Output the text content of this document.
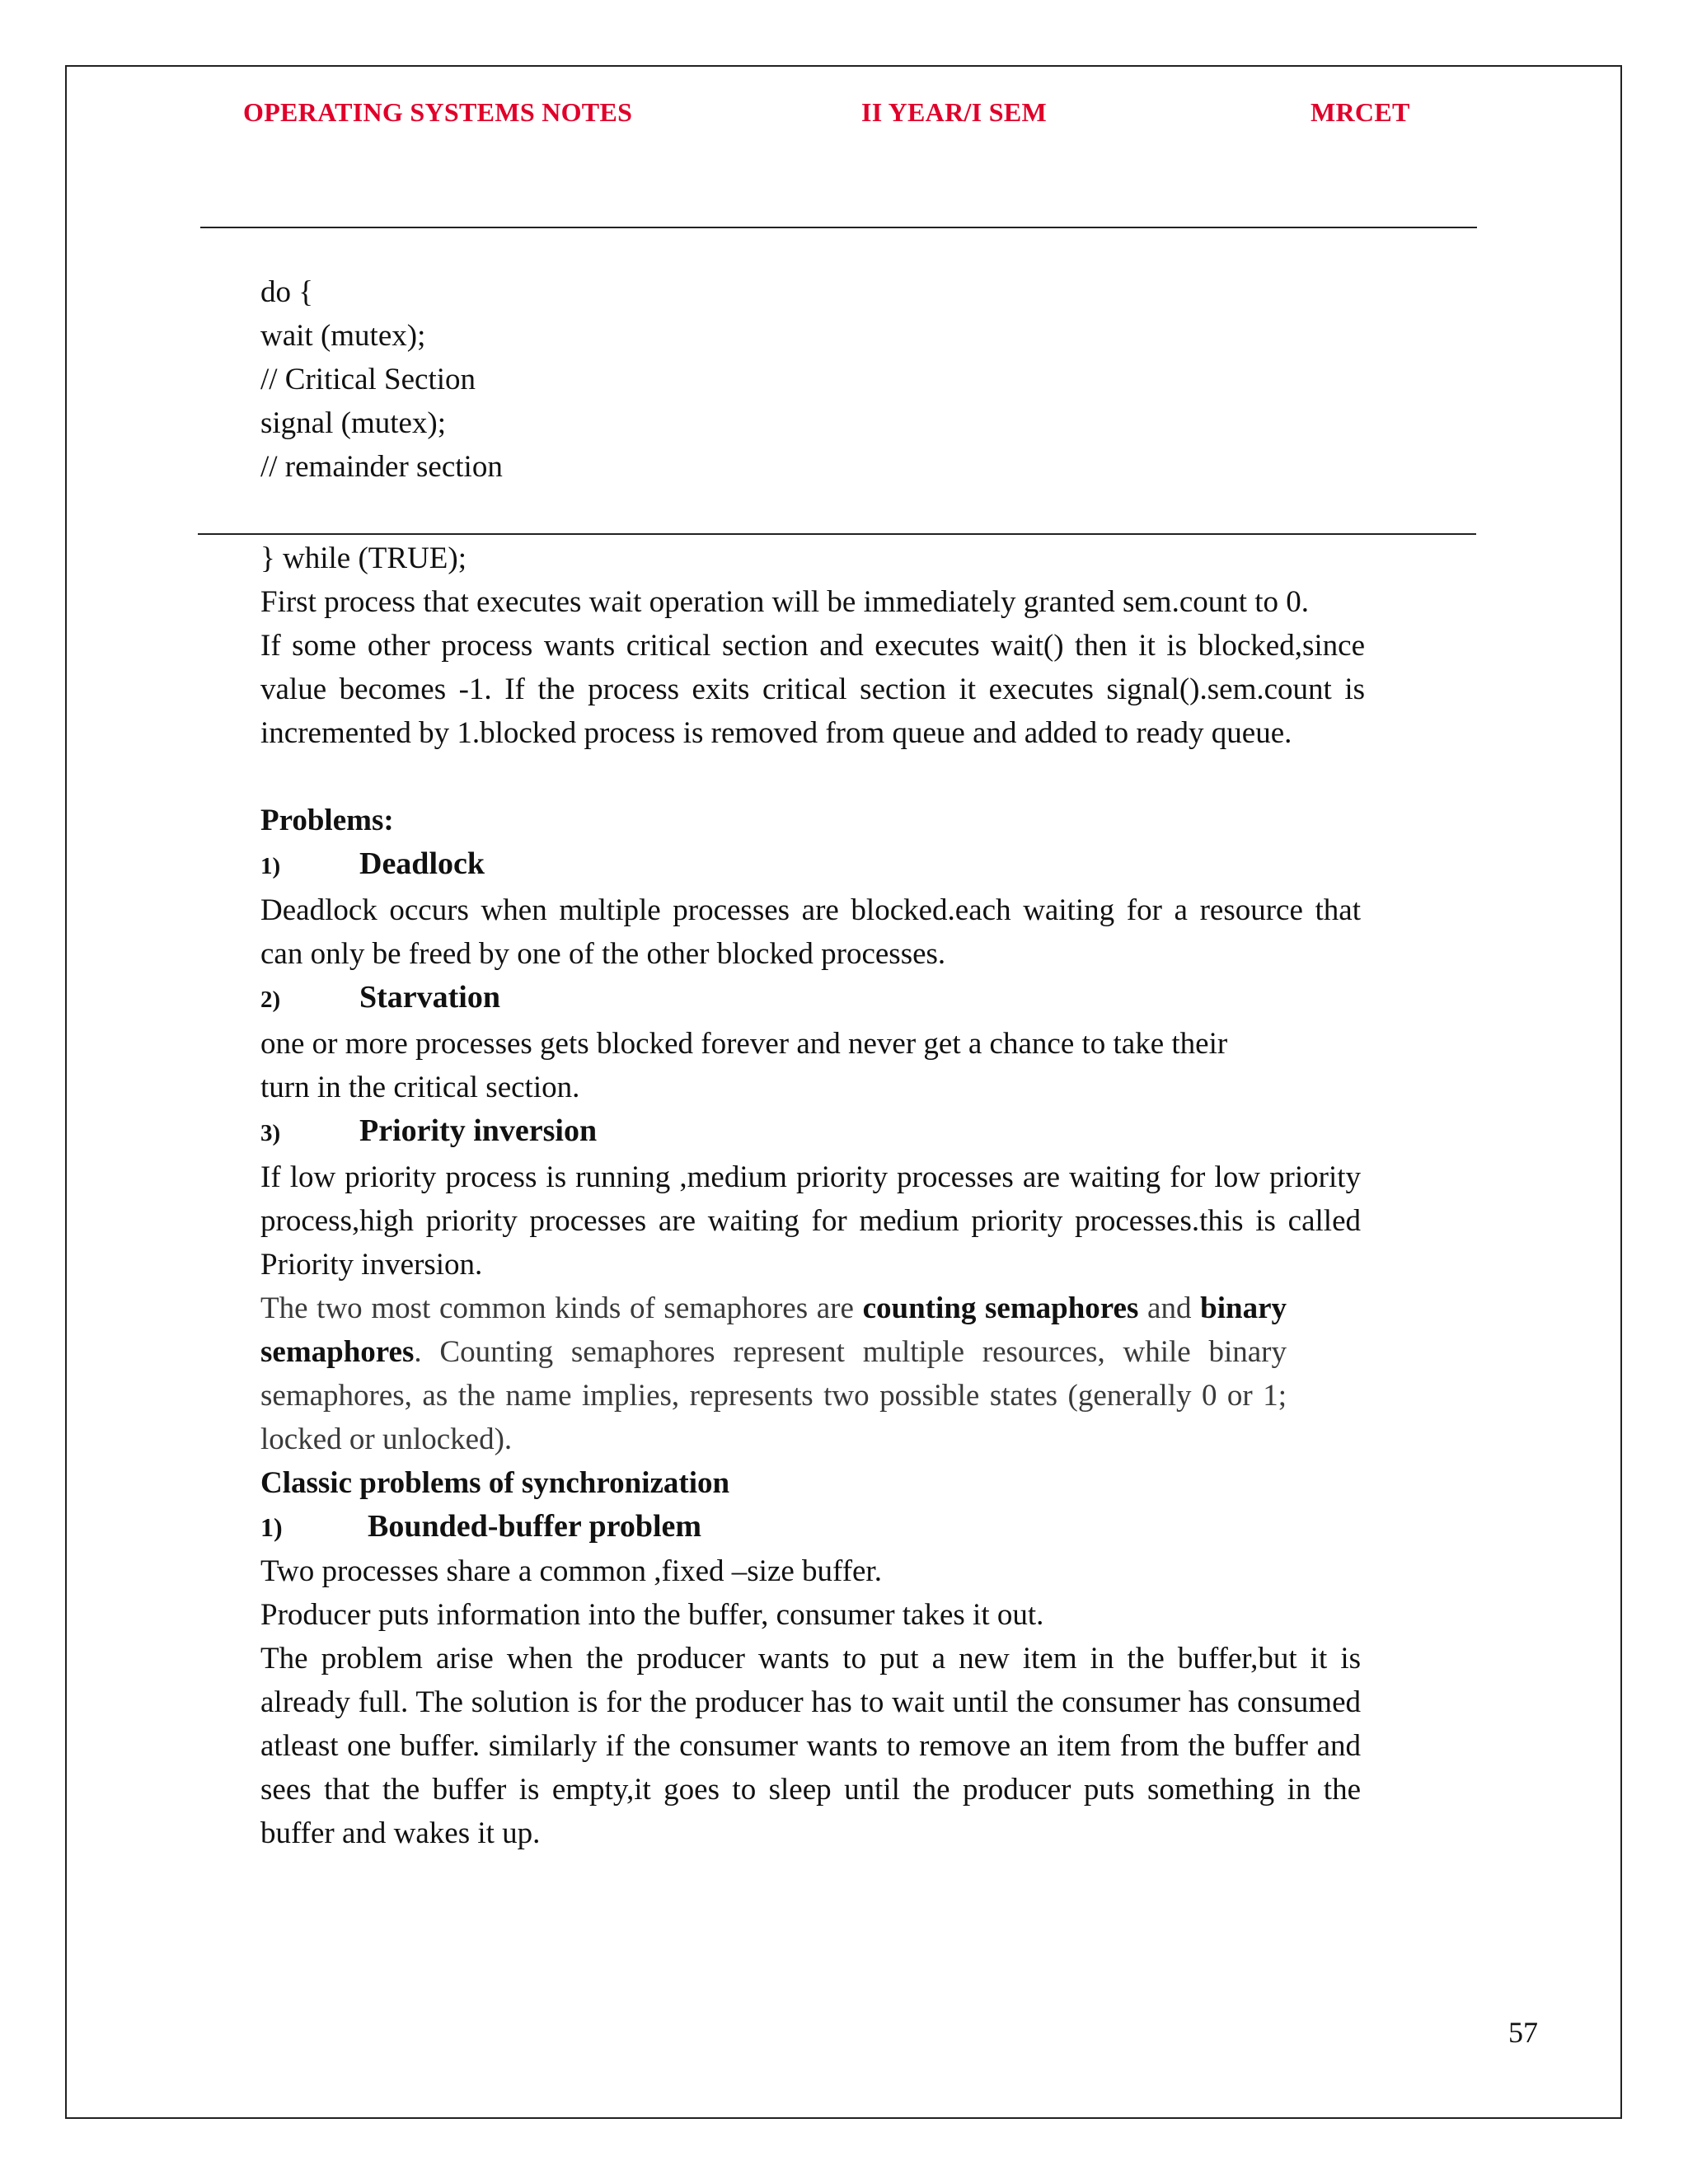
OPERATING SYSTEMS NOTES	II YEAR/I SEM	MRCET

do {

wait (mutex);

// Critical Section

signal (mutex);

// remainder section

} while (TRUE);

First process that executes wait operation will be immediately granted sem.count to 0.

If some other process wants critical section and executes wait() then it is blocked,since value becomes -1. If the process exits critical section it executes signal().sem.count is incremented by 1.blocked process is removed from queue and added to ready queue.

Problems:

1)	Deadlock

Deadlock occurs when multiple processes are blocked.each waiting for a resource that can only be freed by one of the other blocked processes.

2)	Starvation

one or more processes gets blocked forever and never get a chance to take their

turn in the critical section.

3)	Priority inversion

If low priority process is running ,medium priority processes are waiting for low priority process,high priority processes are waiting for medium priority processes.this is called Priority inversion.

The two most common kinds of semaphores are counting semaphores and binary semaphores. Counting semaphores represent multiple resources, while binary semaphores, as the name implies, represents two possible states (generally 0 or 1; locked or unlocked).

Classic problems of synchronization

1)	Bounded-buffer problem

Two processes share a common ,fixed –size buffer.

Producer puts information into the buffer, consumer takes it out.

The problem arise when the producer wants to put a new item in the buffer,but it is already full. The solution is for the producer has to wait until the consumer has consumed atleast one buffer. similarly if the consumer wants to remove an item from the buffer and sees that the buffer is empty,it goes to sleep until the producer puts something in the buffer and wakes it up.

57
